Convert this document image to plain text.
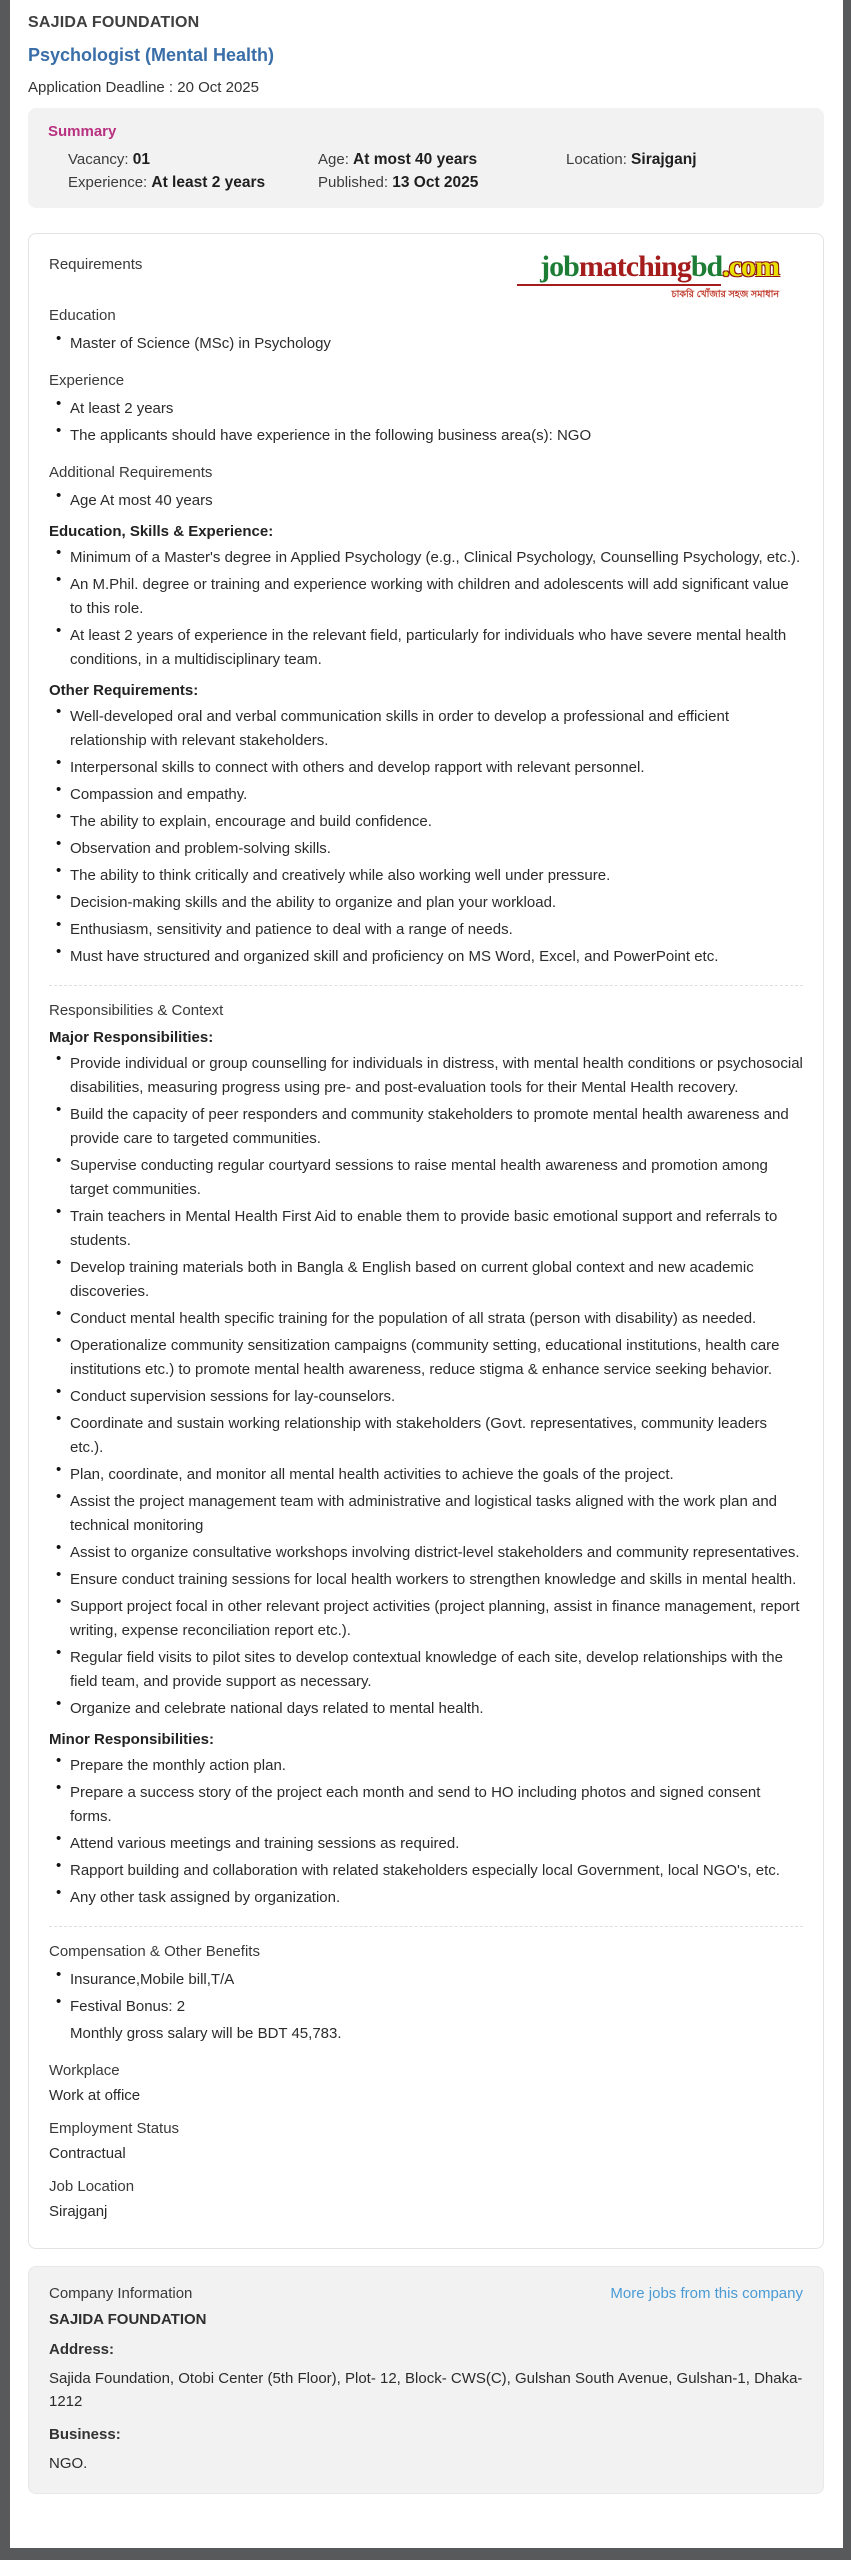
SAJIDA FOUNDATION
Psychologist (Mental Health)
Application Deadline : 20 Oct 2025
Summary
Vacancy: 01	Age: At most 40 years	Location: Sirajganj
Experience: At least 2 years	Published: 13 Oct 2025
Requirements	jobmatchingbd.com
চাকরি খোঁজার সহজ সমাধান
Education
• Master of Science (MSc) in Psychology
Experience
• At least 2 years
• The applicants should have experience in the following business area(s): NGO
Additional Requirements
• Age At most 40 years
Education, Skills & Experience:
• Minimum of a Master's degree in Applied Psychology (e.g., Clinical Psychology, Counselling Psychology, etc.).
• An M.Phil. degree or training and experience working with children and adolescents will add significant value to this role.
• At least 2 years of experience in the relevant field, particularly for individuals who have severe mental health conditions, in a multidisciplinary team.
Other Requirements:
• Well-developed oral and verbal communication skills in order to develop a professional and efficient relationship with relevant stakeholders.
• Interpersonal skills to connect with others and develop rapport with relevant personnel.
• Compassion and empathy.
• The ability to explain, encourage and build confidence.
• Observation and problem-solving skills.
• The ability to think critically and creatively while also working well under pressure.
• Decision-making skills and the ability to organize and plan your workload.
• Enthusiasm, sensitivity and patience to deal with a range of needs.
• Must have structured and organized skill and proficiency on MS Word, Excel, and PowerPoint etc.
Responsibilities & Context
Major Responsibilities:
• Provide individual or group counselling for individuals in distress, with mental health conditions or psychosocial disabilities, measuring progress using pre- and post-evaluation tools for their Mental Health recovery.
• Build the capacity of peer responders and community stakeholders to promote mental health awareness and provide care to targeted communities.
• Supervise conducting regular courtyard sessions to raise mental health awareness and promotion among target communities.
• Train teachers in Mental Health First Aid to enable them to provide basic emotional support and referrals to students.
• Develop training materials both in Bangla & English based on current global context and new academic discoveries.
• Conduct mental health specific training for the population of all strata (person with disability) as needed.
• Operationalize community sensitization campaigns (community setting, educational institutions, health care institutions etc.) to promote mental health awareness, reduce stigma & enhance service seeking behavior.
• Conduct supervision sessions for lay-counselors.
• Coordinate and sustain working relationship with stakeholders (Govt. representatives, community leaders etc.).
• Plan, coordinate, and monitor all mental health activities to achieve the goals of the project.
• Assist the project management team with administrative and logistical tasks aligned with the work plan and technical monitoring
• Assist to organize consultative workshops involving district-level stakeholders and community representatives.
• Ensure conduct training sessions for local health workers to strengthen knowledge and skills in mental health.
• Support project focal in other relevant project activities (project planning, assist in finance management, report writing, expense reconciliation report etc.).
• Regular field visits to pilot sites to develop contextual knowledge of each site, develop relationships with the field team, and provide support as necessary.
• Organize and celebrate national days related to mental health.
Minor Responsibilities:
• Prepare the monthly action plan.
• Prepare a success story of the project each month and send to HO including photos and signed consent forms.
• Attend various meetings and training sessions as required.
• Rapport building and collaboration with related stakeholders especially local Government, local NGO's, etc.
• Any other task assigned by organization.
Compensation & Other Benefits
• Insurance,Mobile bill,T/A
• Festival Bonus: 2
Monthly gross salary will be BDT 45,783.
Workplace
Work at office
Employment Status
Contractual
Job Location
Sirajganj
Company Information	More jobs from this company
SAJIDA FOUNDATION
Address:
Sajida Foundation, Otobi Center (5th Floor), Plot- 12, Block- CWS(C), Gulshan South Avenue, Gulshan-1, Dhaka-1212
Business:
NGO.
